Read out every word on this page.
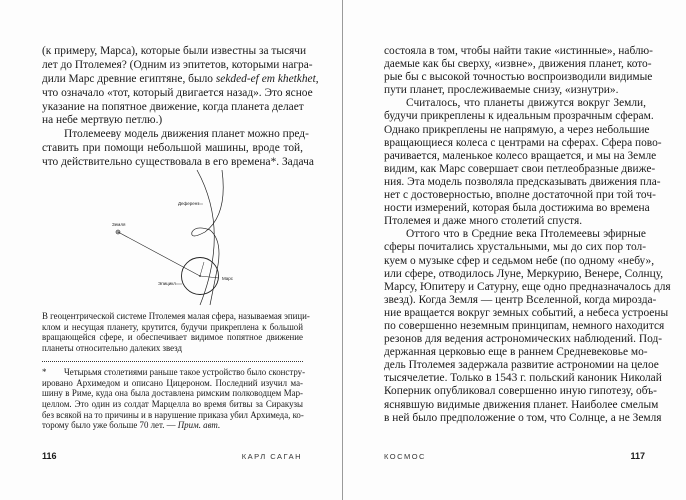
(к примеру, Марса), которые были известны за тысячи
лет до Птолемея? (Одним из эпитетов, которыми награ-
дили Марс древние египтяне, было sekded-ef em khetkhet,
что означало «тот, который двигается назад». Это ясное
указание на попятное движение, когда планета делает
на небе мертвую петлю.)
Птолемееву модель движения планет можно пред-
ставить при помощи небольшой машины, вроде той,
что действительно существовала в его времена*. Задача
Земля
Деферент
Эпицикл
Марс
В геоцентрической системе Птолемея малая сфера, называемая эпици-
клом и несущая планету, крутится, будучи прикреплена к большой
вращающейся сфере, и обеспечивает видимое попятное движение
планеты относительно далеких звезд
* Четырьмя столетиями раньше такое устройство было сконстру-
ировано Архимедом и описано Цицероном. Последний изучил ма-
шину в Риме, куда она была доставлена римским полководцем Мар-
целлом. Это один из солдат Марцелла во время битвы за Сиракузы
без всякой на то причины и в нарушение приказа убил Архимеда, ко-
торому было уже больше 70 лет. — Прим. авт.
116	КАРЛ САГАН	КОСМОС	117
состояла в том, чтобы найти такие «истинные», наблю-
даемые как бы сверху, «извне», движения планет, кото-
рые бы с высокой точностью воспроизводили видимые
пути планет, прослеживаемые снизу, «изнутри».
Считалось, что планеты движутся вокруг Земли,
будучи прикреплены к идеальным прозрачным сферам.
Однако прикреплены не напрямую, а через небольшие
вращающиеся колеса с центрами на сферах. Сфера пово-
рачивается, маленькое колесо вращается, и мы на Земле
видим, как Марс совершает свои петлеобразные движе-
ния. Эта модель позволяла предсказывать движения пла-
нет с достоверностью, вполне достаточной при той точ-
ности измерений, которая была достижима во времена
Птолемея и даже много столетий спустя.
Оттого что в Средние века Птолемеевы эфирные
сферы почитались хрустальными, мы до сих пор тол-
куем о музыке сфер и седьмом небе (по одному «небу»,
или сфере, отводилось Луне, Меркурию, Венере, Солнцу,
Марсу, Юпитеру и Сатурну, еще одно предназначалось для
звезд). Когда Земля — центр Вселенной, когда мирозда-
ние вращается вокруг земных событий, а небеса устроены
по совершенно неземным принципам, немного находится
резонов для ведения астрономических наблюдений. Под-
держанная церковью еще в раннем Средневековье мо-
дель Птолемея задержала развитие астрономии на целое
тысячелетие. Только в 1543 г. польский каноник Николай
Коперник опубликовал совершенно иную гипотезу, объ-
яснявшую видимые движения планет. Наиболее смелым
в ней было предположение о том, что Солнце, а не Земля
